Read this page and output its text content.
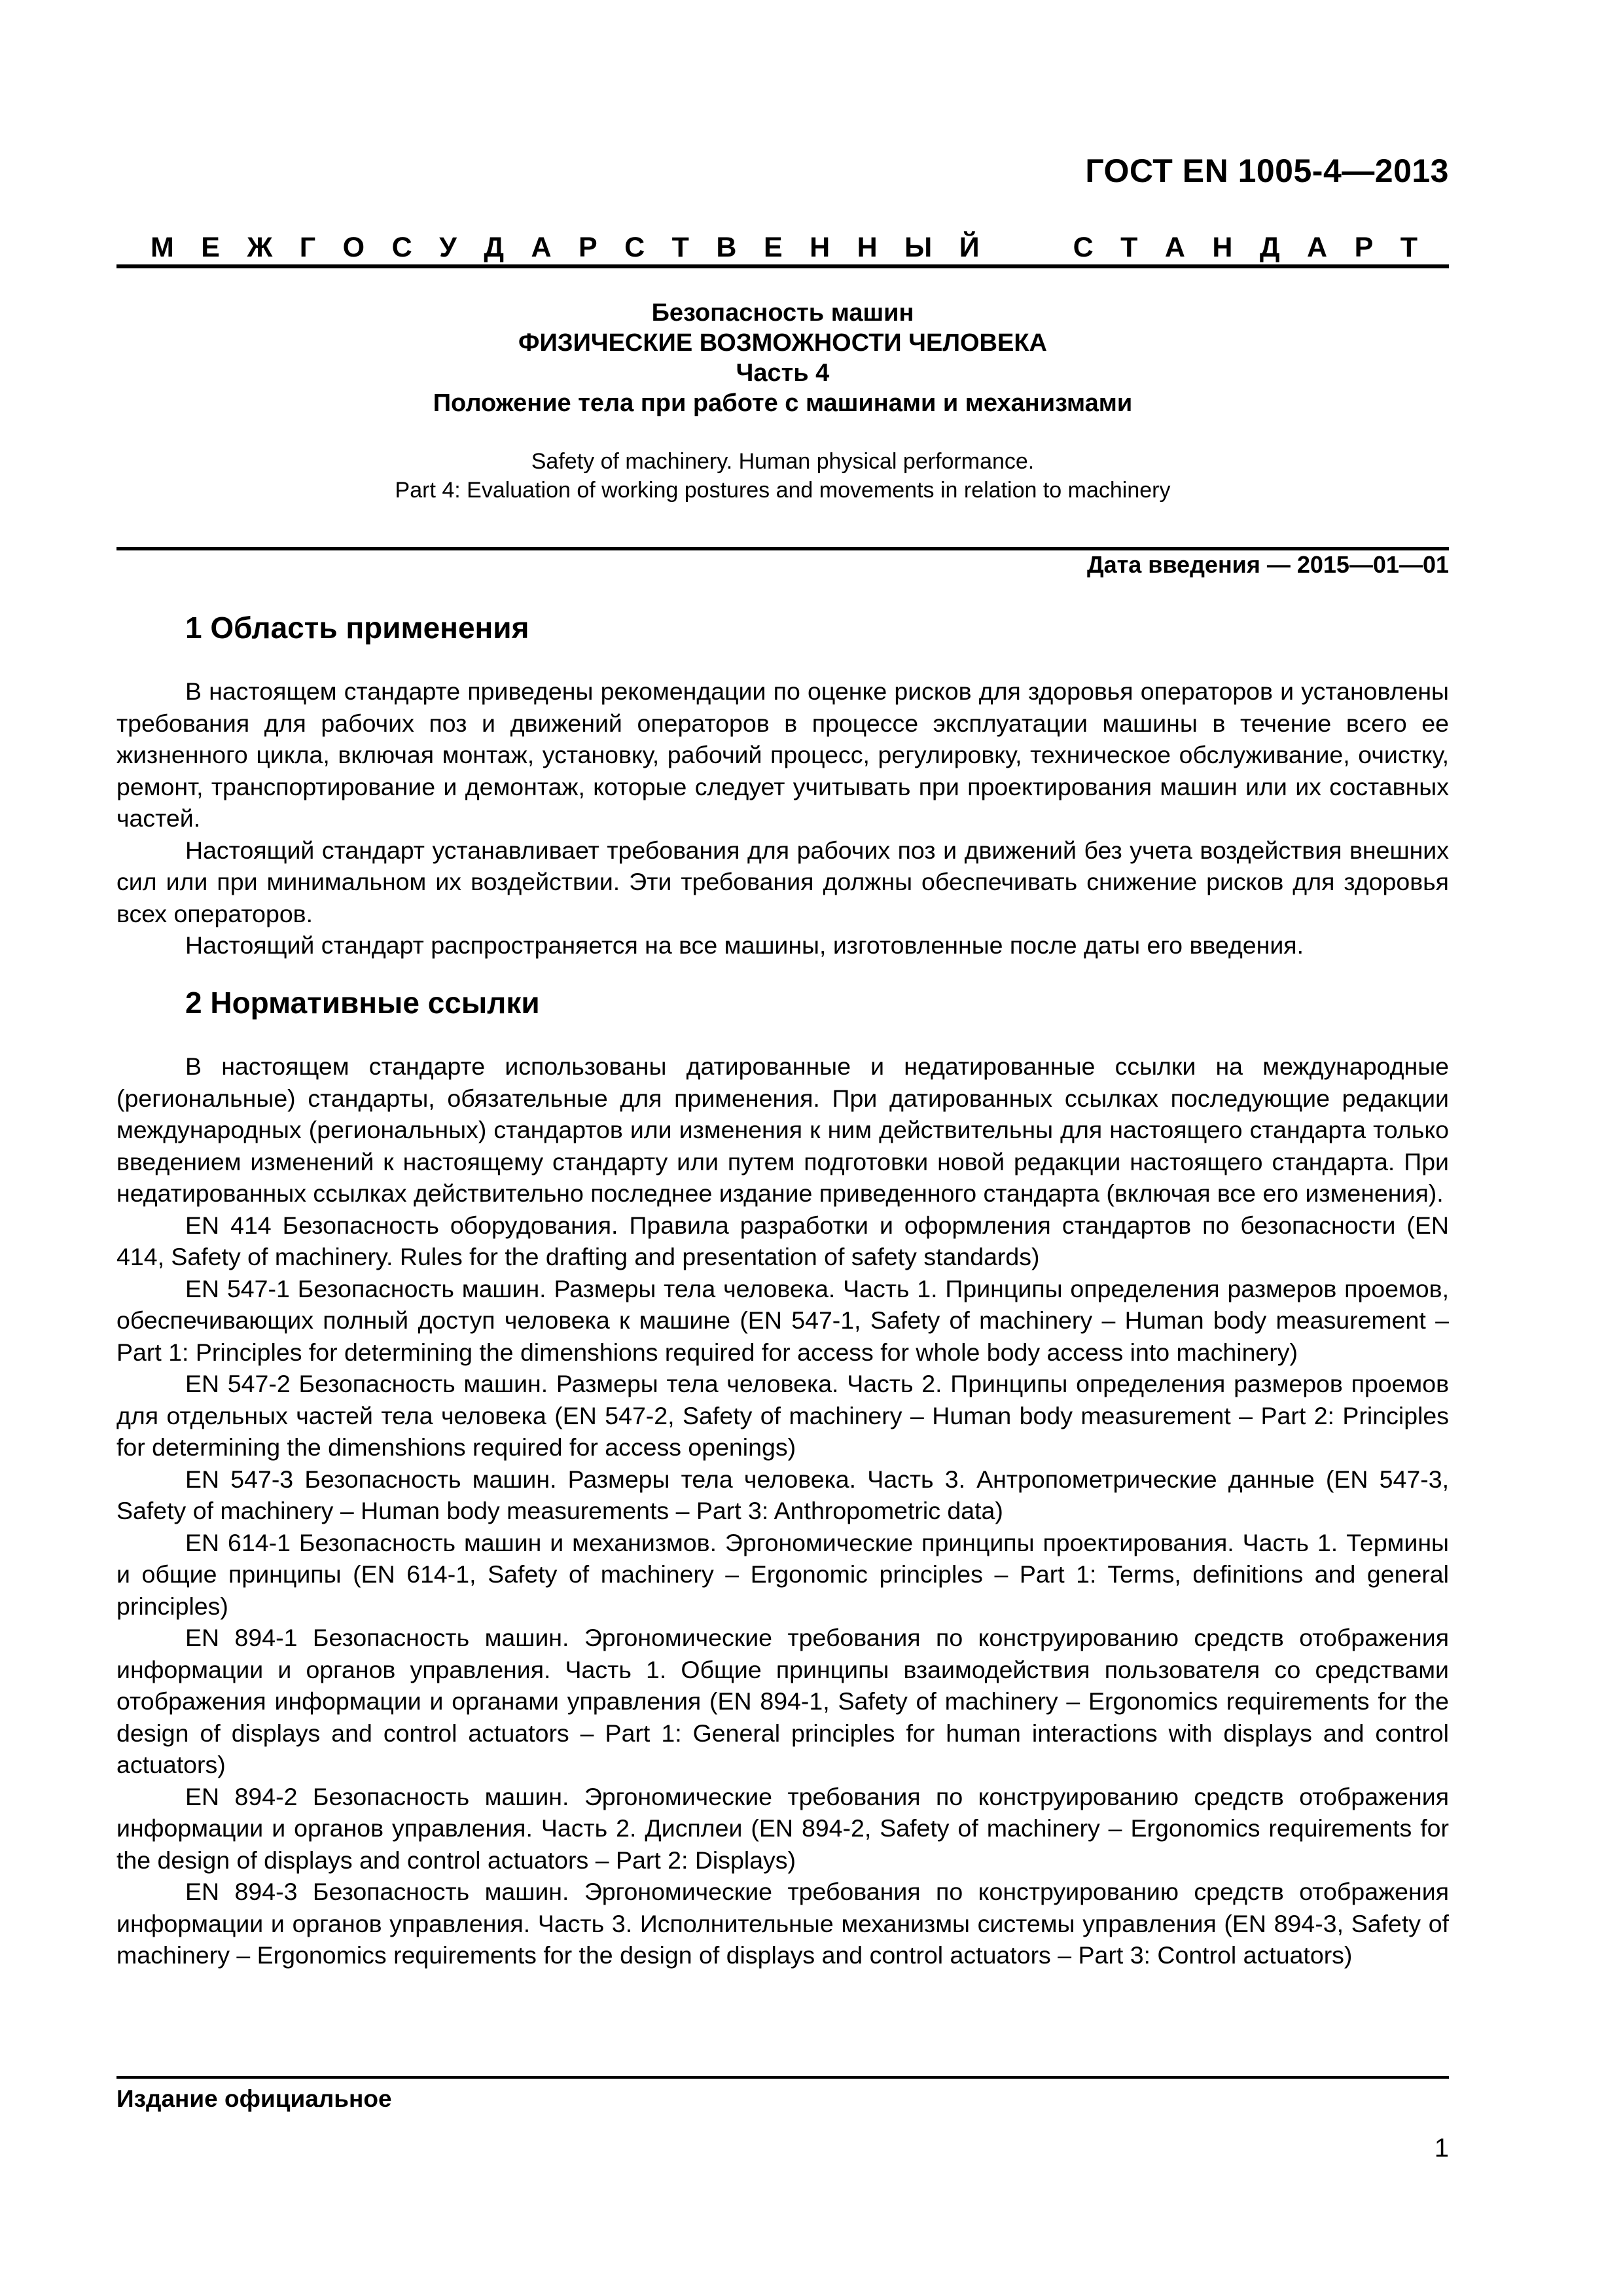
ГОСТ EN 1005-4—2013
М Е Ж Г О С У Д А Р С Т В Е Н Н Ы Й	С Т А Н Д А Р Т
Безопасность машин
ФИЗИЧЕСКИЕ ВОЗМОЖНОСТИ ЧЕЛОВЕКА
Часть 4
Положение тела при работе с машинами и механизмами
Safety of machinery. Human physical performance.
Part 4: Evaluation of working postures and movements in relation to machinery
Дата введения — 2015—01—01
1 Область применения

В настоящем стандарте приведены рекомендации по оценке рисков для здоровья операторов и установлены требования для рабочих поз и движений операторов в процессе эксплуатации машины в течение всего ее жизненного цикла, включая монтаж, установку, рабочий процесс, регулировку, техническое обслуживание, очистку, ремонт, транспортирование и демонтаж, которые следует учитывать при проектирования машин или их составных частей.

Настоящий стандарт устанавливает требования для рабочих поз и движений без учета воздействия внешних сил или при минимальном их воздействии. Эти требования должны обеспечивать снижение рисков для здоровья всех операторов.

Настоящий стандарт распространяется на все машины, изготовленные после даты его введения.

2 Нормативные ссылки

В настоящем стандарте использованы датированные и недатированные ссылки на международные (региональные) стандарты, обязательные для применения. При датированных ссылках последующие редакции международных (региональных) стандартов или изменения к ним действительны для настоящего стандарта только введением изменений к настоящему стандарту или путем подготовки новой редакции настоящего стандарта. При недатированных ссылках действительно последнее издание приведенного стандарта (включая все его изменения).

EN 414 Безопасность оборудования. Правила разработки и оформления стандартов по безопасности (EN 414, Safety of machinery. Rules for the drafting and presentation of safety standards)

EN 547-1 Безопасность машин. Размеры тела человека. Часть 1. Принципы определения размеров проемов, обеспечивающих полный доступ человека к машине (EN 547-1, Safety of machinery – Human body measurement – Part 1: Principles for determining the dimenshions required for access for whole body access into machinery)

EN 547-2 Безопасность машин. Размеры тела человека. Часть 2. Принципы определения размеров проемов для отдельных частей тела человека (EN 547-2, Safety of machinery – Human body measurement – Part 2: Principles for determining the dimenshions required for access openings)

EN 547-3 Безопасность машин. Размеры тела человека. Часть 3. Антропометрические данные (EN 547-3, Safety of machinery – Human body measurements – Part 3: Anthropometric data)

EN 614-1 Безопасность машин и механизмов. Эргономические принципы проектирования. Часть 1. Термины и общие принципы (EN 614-1, Safety of machinery – Ergonomic principles – Part 1: Terms, definitions and general principles)

EN 894-1 Безопасность машин. Эргономические требования по конструированию средств отображения информации и органов управления. Часть 1. Общие принципы взаимодействия пользователя со средствами отображения информации и органами управления (EN 894-1, Safety of machinery – Ergonomics requirements for the design of displays and control actuators – Part 1: General principles for human interactions with displays and control actuators)

EN 894-2 Безопасность машин. Эргономические требования по конструированию средств отображения информации и органов управления. Часть 2. Дисплеи (EN 894-2, Safety of machinery – Ergonomics requirements for the design of displays and control actuators – Part 2: Displays)

EN 894-3 Безопасность машин. Эргономические требования по конструированию средств отображения информации и органов управления. Часть 3. Исполнительные механизмы системы управления (EN 894-3, Safety of machinery – Ergonomics requirements for the design of displays and control actuators – Part 3: Control actuators)

Издание официальное
1
